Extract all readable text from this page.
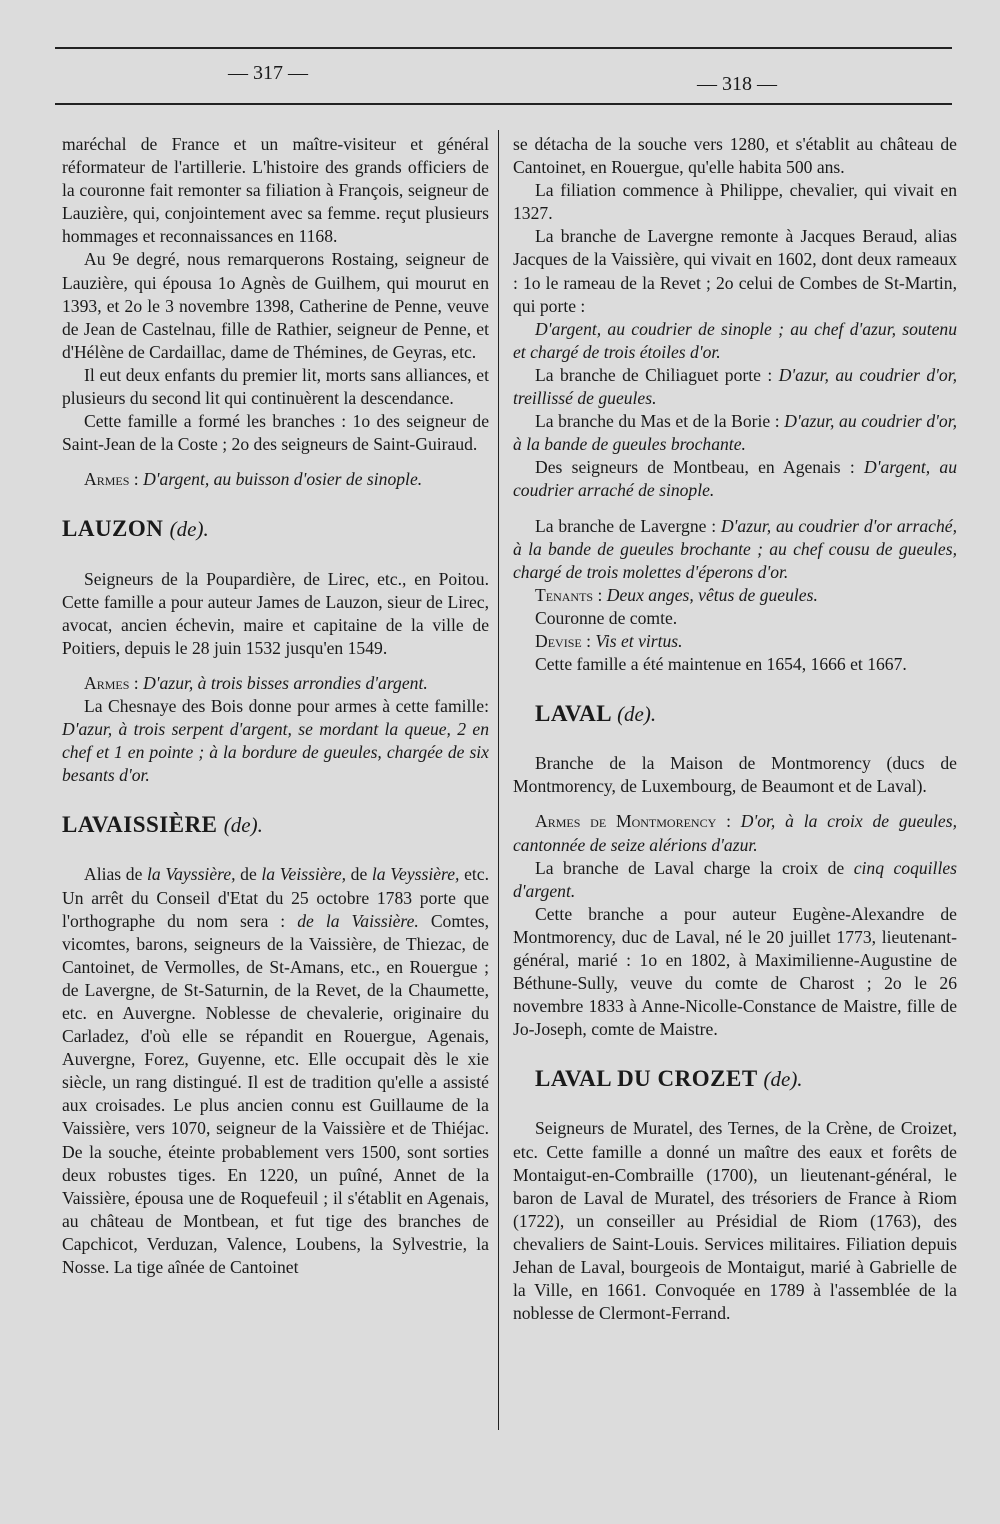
— 317 —	— 318 —

maréchal de France et un maître-visiteur et général réformateur de l'artillerie. L'histoire des grands officiers de la couronne fait remonter sa filiation à François, seigneur de Lauzière, qui, conjointement avec sa femme. reçut plusieurs hommages et reconnaissances en 1168.

Au 9e degré, nous remarquerons Rostaing, seigneur de Lauzière, qui épousa 1o Agnès de Guilhem, qui mourut en 1393, et 2o le 3 novembre 1398, Catherine de Penne, veuve de Jean de Castelnau, fille de Rathier, seigneur de Penne, et d'Hélène de Cardaillac, dame de Thémines, de Geyras, etc.

Il eut deux enfants du premier lit, morts sans alliances, et plusieurs du second lit qui continuèrent la descendance.

Cette famille a formé les branches : 1o des seigneur de Saint-Jean de la Coste ; 2o des seigneurs de Saint-Guiraud.

Armes : D'argent, au buisson d'osier de sinople.

LAUZON (de).

Seigneurs de la Poupardière, de Lirec, etc., en Poitou. Cette famille a pour auteur James de Lauzon, sieur de Lirec, avocat, ancien échevin, maire et capitaine de la ville de Poitiers, depuis le 28 juin 1532 jusqu'en 1549.

Armes : D'azur, à trois bisses arrondies d'argent.

La Chesnaye des Bois donne pour armes à cette famille: D'azur, à trois serpent d'argent, se mordant la queue, 2 en chef et 1 en pointe ; à la bordure de gueules, chargée de six besants d'or.

LAVAISSIÈRE (de).

Alias de la Vayssière, de la Veissière, de la Veyssière, etc. Un arrêt du Conseil d'Etat du 25 octobre 1783 porte que l'orthographe du nom sera : de la Vaissière. Comtes, vicomtes, barons, seigneurs de la Vaissière, de Thiezac, de Cantoinet, de Vermolles, de St-Amans, etc., en Rouergue ; de Lavergne, de St-Saturnin, de la Revet, de la Chaumette, etc. en Auvergne. Noblesse de chevalerie, originaire du Carladez, d'où elle se répandit en Rouergue, Agenais, Auvergne, Forez, Guyenne, etc. Elle occupait dès le xie siècle, un rang distingué. Il est de tradition qu'elle a assisté aux croisades. Le plus ancien connu est Guillaume de la Vaissière, vers 1070, seigneur de la Vaissière et de Thiéjac. De la souche, éteinte probablement vers 1500, sont sorties deux robustes tiges. En 1220, un puîné, Annet de la Vaissière, épousa une de Roquefeuil ; il s'établit en Agenais, au château de Montbean, et fut tige des branches de Capchicot, Verduzan, Valence, Loubens, la Sylvestrie, la Nosse. La tige aînée de Cantoinet

se détacha de la souche vers 1280, et s'établit au château de Cantoinet, en Rouergue, qu'elle habita 500 ans.

La filiation commence à Philippe, chevalier, qui vivait en 1327.

La branche de Lavergne remonte à Jacques Beraud, alias Jacques de la Vaissière, qui vivait en 1602, dont deux rameaux : 1o le rameau de la Revet ; 2o celui de Combes de St-Martin, qui porte :

D'argent, au coudrier de sinople ; au chef d'azur, soutenu et chargé de trois étoiles d'or.

La branche de Chiliaguet porte : D'azur, au coudrier d'or, treillissé de gueules.

La branche du Mas et de la Borie : D'azur, au coudrier d'or, à la bande de gueules brochante.

Des seigneurs de Montbeau, en Agenais : D'argent, au coudrier arraché de sinople.

La branche de Lavergne : D'azur, au coudrier d'or arraché, à la bande de gueules brochante ; au chef cousu de gueules, chargé de trois molettes d'éperons d'or.

Tenants : Deux anges, vêtus de gueules.

Couronne de comte.

Devise : Vis et virtus.

Cette famille a été maintenue en 1654, 1666 et 1667.

LAVAL (de).

Branche de la Maison de Montmorency (ducs de Montmorency, de Luxembourg, de Beaumont et de Laval).

Armes de Montmorency : D'or, à la croix de gueules, cantonnée de seize alérions d'azur.

La branche de Laval charge la croix de cinq coquilles d'argent.

Cette branche a pour auteur Eugène-Alexandre de Montmorency, duc de Laval, né le 20 juillet 1773, lieutenant-général, marié : 1o en 1802, à Maximilienne-Augustine de Béthune-Sully, veuve du comte de Charost ; 2o le 26 novembre 1833 à Anne-Nicolle-Constance de Maistre, fille de Jo-Joseph, comte de Maistre.

LAVAL DU CROZET (de).

Seigneurs de Muratel, des Ternes, de la Crène, de Croizet, etc. Cette famille a donné un maître des eaux et forêts de Montaigut-en-Combraille (1700), un lieutenant-général, le baron de Laval de Muratel, des trésoriers de France à Riom (1722), un conseiller au Présidial de Riom (1763), des chevaliers de Saint-Louis. Services militaires. Filiation depuis Jehan de Laval, bourgeois de Montaigut, marié à Gabrielle de la Ville, en 1661. Convoquée en 1789 à l'assemblée de la noblesse de Clermont-Ferrand.
